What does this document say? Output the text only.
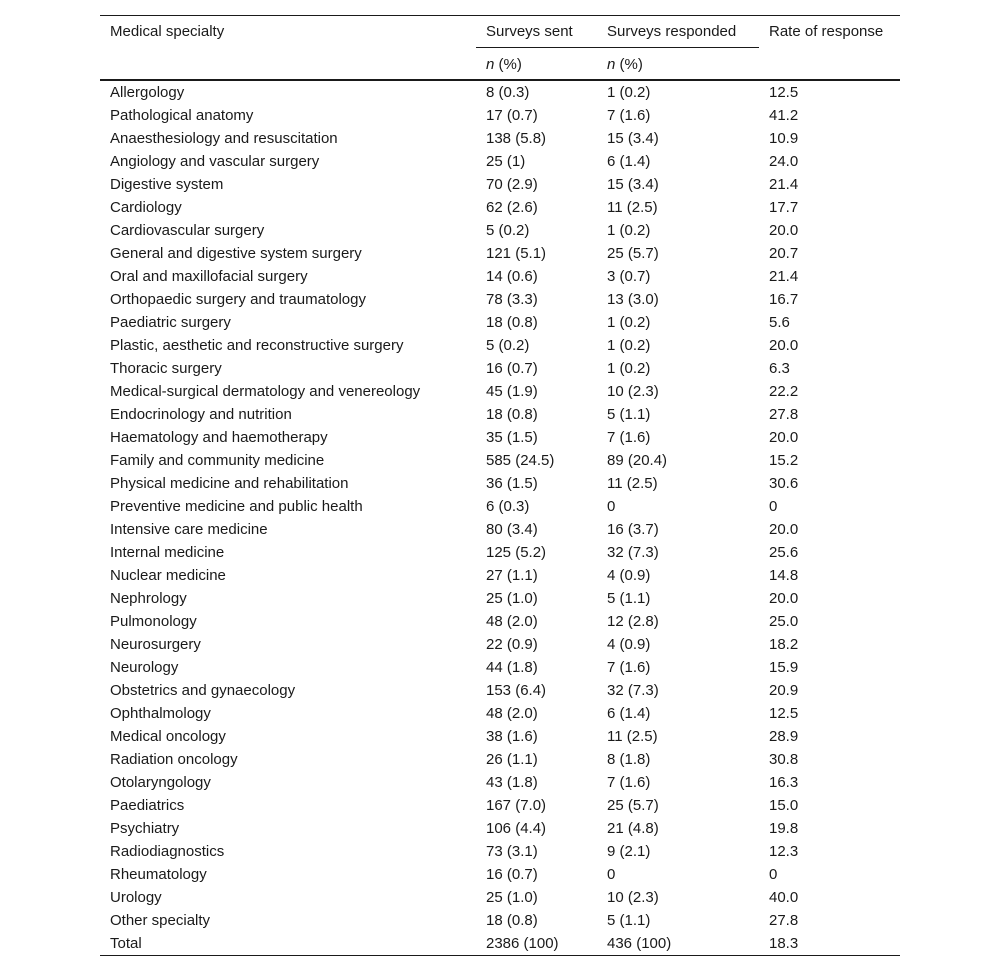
Medical specialty	Surveys sent	Surveys responded	Rate of response
	n (%)	n (%)	
Allergology	8 (0.3)	1 (0.2)	12.5
Pathological anatomy	17 (0.7)	7 (1.6)	41.2
Anaesthesiology and resuscitation	138 (5.8)	15 (3.4)	10.9
Angiology and vascular surgery	25 (1)	6 (1.4)	24.0
Digestive system	70 (2.9)	15 (3.4)	21.4
Cardiology	62 (2.6)	11 (2.5)	17.7
Cardiovascular surgery	5 (0.2)	1 (0.2)	20.0
General and digestive system surgery	121 (5.1)	25 (5.7)	20.7
Oral and maxillofacial surgery	14 (0.6)	3 (0.7)	21.4
Orthopaedic surgery and traumatology	78 (3.3)	13 (3.0)	16.7
Paediatric surgery	18 (0.8)	1 (0.2)	5.6
Plastic, aesthetic and reconstructive surgery	5 (0.2)	1 (0.2)	20.0
Thoracic surgery	16 (0.7)	1 (0.2)	6.3
Medical-surgical dermatology and venereology	45 (1.9)	10 (2.3)	22.2
Endocrinology and nutrition	18 (0.8)	5 (1.1)	27.8
Haematology and haemotherapy	35 (1.5)	7 (1.6)	20.0
Family and community medicine	585 (24.5)	89 (20.4)	15.2
Physical medicine and rehabilitation	36 (1.5)	11 (2.5)	30.6
Preventive medicine and public health	6 (0.3)	0	0
Intensive care medicine	80 (3.4)	16 (3.7)	20.0
Internal medicine	125 (5.2)	32 (7.3)	25.6
Nuclear medicine	27 (1.1)	4 (0.9)	14.8
Nephrology	25 (1.0)	5 (1.1)	20.0
Pulmonology	48 (2.0)	12 (2.8)	25.0
Neurosurgery	22 (0.9)	4 (0.9)	18.2
Neurology	44 (1.8)	7 (1.6)	15.9
Obstetrics and gynaecology	153 (6.4)	32 (7.3)	20.9
Ophthalmology	48 (2.0)	6 (1.4)	12.5
Medical oncology	38 (1.6)	11 (2.5)	28.9
Radiation oncology	26 (1.1)	8 (1.8)	30.8
Otolaryngology	43 (1.8)	7 (1.6)	16.3
Paediatrics	167 (7.0)	25 (5.7)	15.0
Psychiatry	106 (4.4)	21 (4.8)	19.8
Radiodiagnostics	73 (3.1)	9 (2.1)	12.3
Rheumatology	16 (0.7)	0	0
Urology	25 (1.0)	10 (2.3)	40.0
Other specialty	18 (0.8)	5 (1.1)	27.8
Total	2386 (100)	436 (100)	18.3
